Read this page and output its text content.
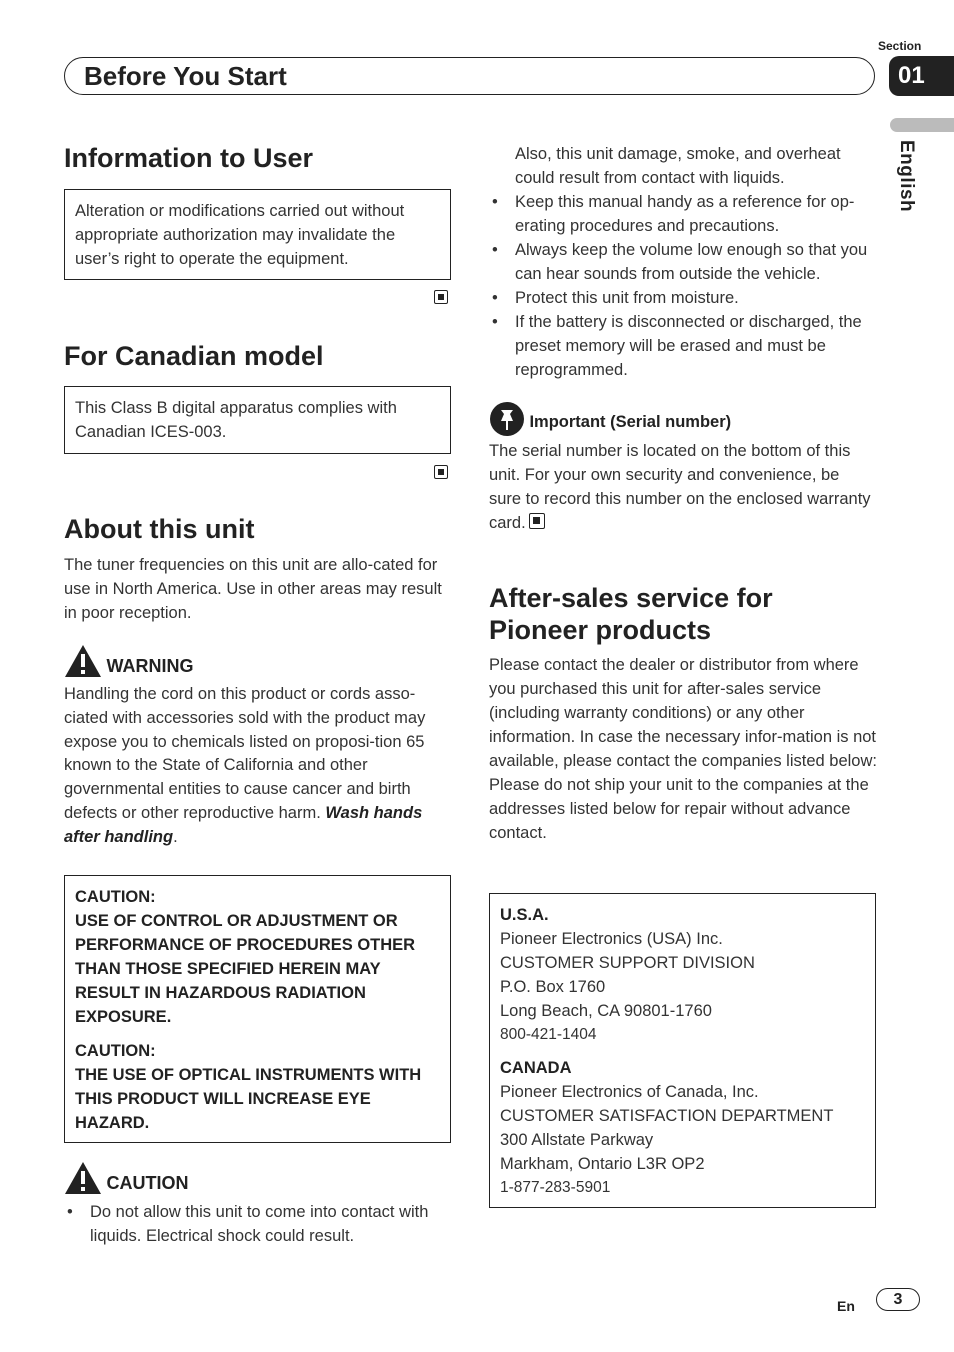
Section
01
Before You Start
English
Information to User
Alteration or modifications carried out without appropriate authorization may invalidate the user’s right to operate the equipment.
For Canadian model
This Class B digital apparatus complies with Canadian ICES-003.
About this unit
The tuner frequencies on this unit are allo-cated for use in North America. Use in other areas may result in poor reception.
WARNING
Handling the cord on this product or cords asso-ciated with accessories sold with the product may expose you to chemicals listed on proposi-tion 65 known to the State of California and other governmental entities to cause cancer and birth defects or other reproductive harm. Wash hands after handling.
CAUTION:
USE OF CONTROL OR ADJUSTMENT OR PERFORMANCE OF PROCEDURES OTHER THAN THOSE SPECIFIED HEREIN MAY RESULT IN HAZARDOUS RADIATION EXPOSURE.
CAUTION:
THE USE OF OPTICAL INSTRUMENTS WITH THIS PRODUCT WILL INCREASE EYE HAZARD.
CAUTION
• Do not allow this unit to come into contact with liquids. Electrical shock could result.
Also, this unit damage, smoke, and overheat could result from contact with liquids.
• Keep this manual handy as a reference for op-erating procedures and precautions.
• Always keep the volume low enough so that you can hear sounds from outside the vehicle.
• Protect this unit from moisture.
• If the battery is disconnected or discharged, the preset memory will be erased and must be reprogrammed.
Important (Serial number)
The serial number is located on the bottom of this unit. For your own security and convenience, be sure to record this number on the enclosed warranty card.
After-sales service for Pioneer products
Please contact the dealer or distributor from where you purchased this unit for after-sales service (including warranty conditions) or any other information. In case the necessary infor-mation is not available, please contact the companies listed below:
Please do not ship your unit to the companies at the addresses listed below for repair without advance contact.
U.S.A.
Pioneer Electronics (USA) Inc.
CUSTOMER SUPPORT DIVISION
P.O. Box 1760
Long Beach, CA 90801-1760
800-421-1404
CANADA
Pioneer Electronics of Canada, Inc.
CUSTOMER SATISFACTION DEPARTMENT
300 Allstate Parkway
Markham, Ontario L3R OP2
1-877-283-5901
En	3
